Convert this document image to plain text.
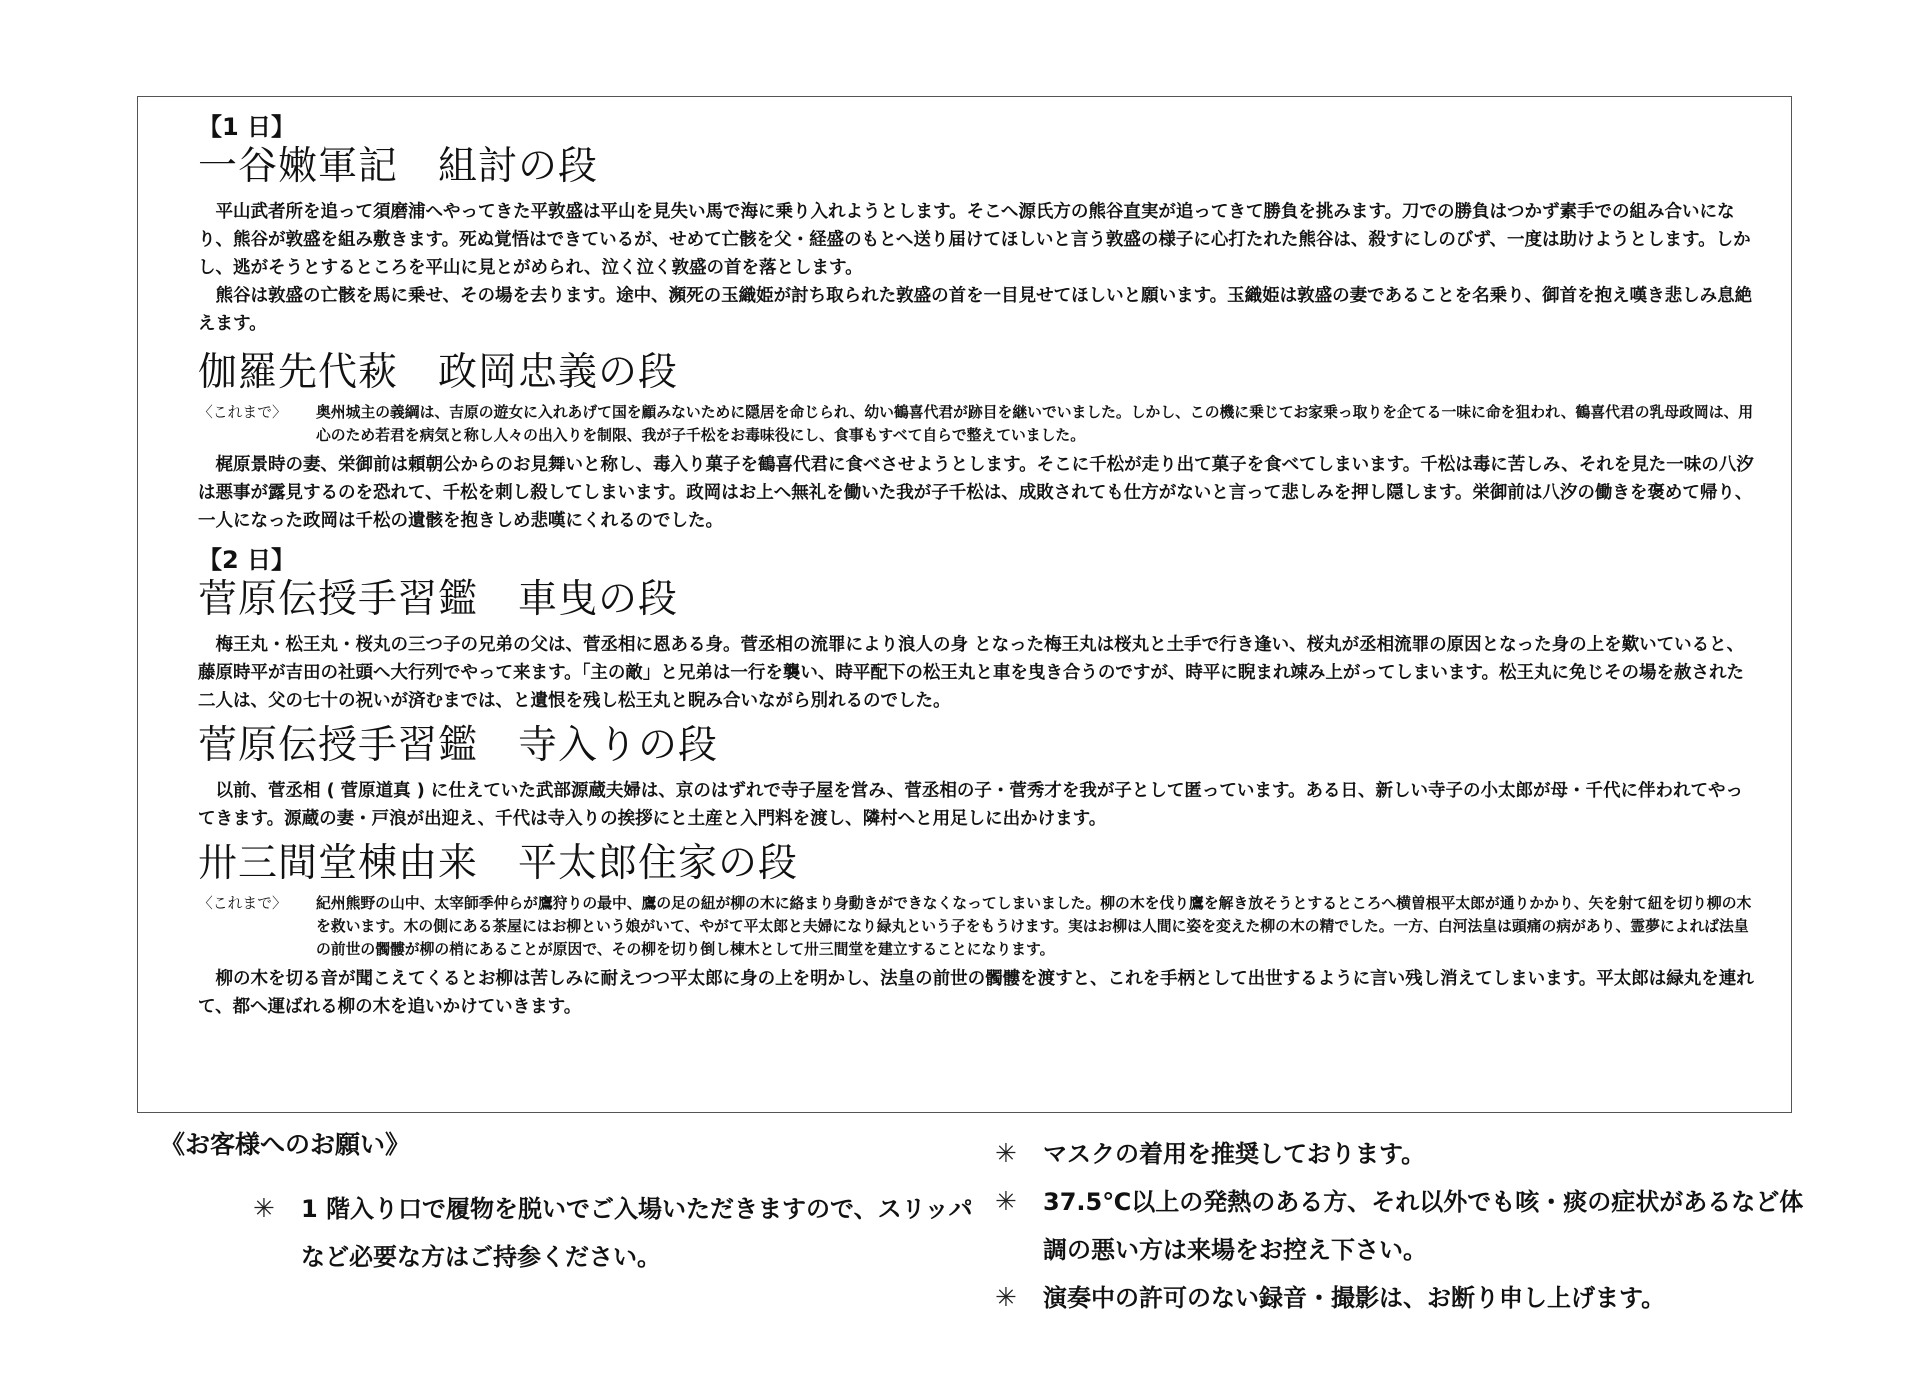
【1 日】

一谷嫩軍記　組討の段

平山武者所を追って須磨浦へやってきた平敦盛は平山を見失い馬で海に乗り入れようとします。そこへ源氏方の熊谷直実が追ってきて勝負を挑みます。刀での勝負はつかず素手での組み合いになり、熊谷が敦盛を組み敷きます。死ぬ覚悟はできているが、せめて亡骸を父・経盛のもとへ送り届けてほしいと言う敦盛の様子に心打たれた熊谷は、殺すにしのびず、一度は助けようとします。しかし、逃がそうとするところを平山に見とがめられ、泣く泣く敦盛の首を落とします。

熊谷は敦盛の亡骸を馬に乗せ、その場を去ります。途中、瀕死の玉織姫が討ち取られた敦盛の首を一目見せてほしいと願います。玉織姫は敦盛の妻であることを名乗り、御首を抱え嘆き悲しみ息絶えます。

伽羅先代萩　政岡忠義の段

〈これまで〉	奥州城主の義綱は、吉原の遊女に入れあげて国を顧みないために隠居を命じられ、幼い鶴喜代君が跡目を継いでいました。しかし、この機に乗じてお家乗っ取りを企てる一味に命を狙われ、鶴喜代君の乳母政岡は、用心のため若君を病気と称し人々の出入りを制限、我が子千松をお毒味役にし、食事もすべて自らで整えていました。

梶原景時の妻、栄御前は頼朝公からのお見舞いと称し、毒入り菓子を鶴喜代君に食べさせようとします。そこに千松が走り出て菓子を食べてしまいます。千松は毒に苦しみ、それを見た一味の八汐は悪事が露見するのを恐れて、千松を刺し殺してしまいます。政岡はお上へ無礼を働いた我が子千松は、成敗されても仕方がないと言って悲しみを押し隠します。栄御前は八汐の働きを褒めて帰り、一人になった政岡は千松の遺骸を抱きしめ悲嘆にくれるのでした。

【2 日】

菅原伝授手習鑑　車曳の段

梅王丸・松王丸・桜丸の三つ子の兄弟の父は、菅丞相に恩ある身。菅丞相の流罪により浪人の身 となった梅王丸は桜丸と土手で行き逢い、桜丸が丞相流罪の原因となった身の上を歎いていると、藤原時平が吉田の社頭へ大行列でやって来ます。「主の敵」と兄弟は一行を襲い、時平配下の松王丸と車を曳き合うのですが、時平に睨まれ竦み上がってしまいます。松王丸に免じその場を赦された二人は、父の七十の祝いが済むまでは、と遺恨を残し松王丸と睨み合いながら別れるのでした。

菅原伝授手習鑑　寺入りの段

以前、菅丞相 ( 菅原道真 ) に仕えていた武部源蔵夫婦は、京のはずれで寺子屋を営み、菅丞相の子・菅秀才を我が子として匿っています。ある日、新しい寺子の小太郎が母・千代に伴われてやってきます。源蔵の妻・戸浪が出迎え、千代は寺入りの挨拶にと土産と入門料を渡し、隣村へと用足しに出かけます。

卅三間堂棟由来　平太郎住家の段

〈これまで〉	紀州熊野の山中、太宰師季仲らが鷹狩りの最中、鷹の足の紐が柳の木に絡まり身動きができなくなってしまいました。柳の木を伐り鷹を解き放そうとするところへ横曽根平太郎が通りかかり、矢を射て紐を切り柳の木を救います。木の側にある茶屋にはお柳という娘がいて、やがて平太郎と夫婦になり緑丸という子をもうけます。実はお柳は人間に姿を変えた柳の木の精でした。一方、白河法皇は頭痛の病があり、霊夢によれば法皇の前世の髑髏が柳の梢にあることが原因で、その柳を切り倒し棟木として卅三間堂を建立することになります。

柳の木を切る音が聞こえてくるとお柳は苦しみに耐えつつ平太郎に身の上を明かし、法皇の前世の髑髏を渡すと、これを手柄として出世するように言い残し消えてしまいます。平太郎は緑丸を連れて、都へ運ばれる柳の木を追いかけていきます。

《お客様へのお願い》
✳	1 階入り口で履物を脱いでご入場いただきますので、スリッパなど必要な方はご持参ください。
✳	マスクの着用を推奨しております。
✳	37.5℃以上の発熱のある方、それ以外でも咳・痰の症状があるなど体調の悪い方は来場をお控え下さい。
✳	演奏中の許可のない録音・撮影は、お断り申し上げます。
